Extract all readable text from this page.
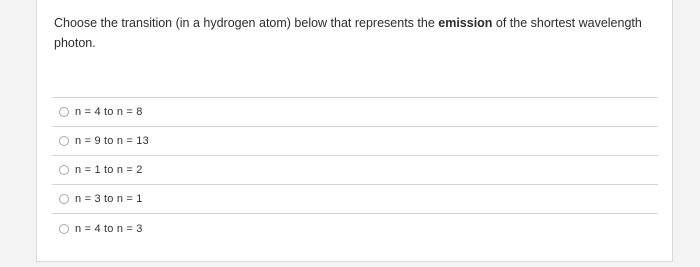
Choose the transition (in a hydrogen atom) below that represents the emission of the shortest wavelength photon.

n = 4 to n = 8
n = 9 to n = 13
n = 1 to n = 2
n = 3 to n = 1
n = 4 to n = 3
